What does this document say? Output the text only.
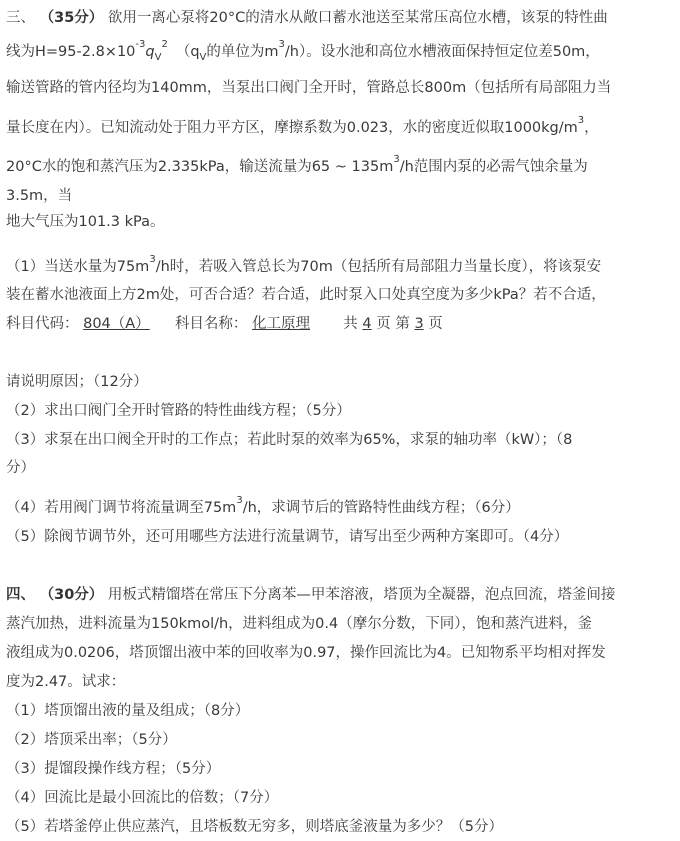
三、 （35分） 欲用一离心泵将20°C的清水从敞口蓄水池送至某常压高位水槽，该泵的特性曲
线为$H=95-2.8\times 10^{-3}q_V^2$ （$q_V$的单位为$m^3/h$）。设水池和高位水槽液面保持恒定位差50m，
输送管路的管内径均为140mm，当泵出口阀门全开时，管路总长800m（包括所有局部阻力当
量长度在内）。已知流动处于阻力平方区，摩擦系数为0.023，水的密度近似取$1000kg/m^3$，
20°C水的饱和蒸汽压为2.335kPa，输送流量为65 ~ $135m^3/h$范围内泵的必需气蚀余量为
3.5m，当
地大气压为101.3 kPa。
（1）当送水量为$75m^3/h$时，若吸入管总长为70m（包括所有局部阻力当量长度），将该泵安
装在蓄水池液面上方2m处，可否合适？若合适，此时泵入口处真空度为多少kPa？若不合适，
科目代码： 804（A） 科目名称： 化工原理 共 4 页 第 3 页
请说明原因；（12分）
（2）求出口阀门全开时管路的特性曲线方程；（5分）
（3）求泵在出口阀全开时的工作点；若此时泵的效率为65%，求泵的轴功率（kW）；（8
分）
（4）若用阀门调节将流量调至$75m^3/h$，求调节后的管路特性曲线方程；（6分）
（5）除阀节调节外，还可用哪些方法进行流量调节，请写出至少两种方案即可。（4分）
四、 （30分） 用板式精馏塔在常压下分离苯—甲苯溶液，塔顶为全凝器，泡点回流，塔釜间接
蒸汽加热，进料流量为150kmol/h，进料组成为0.4（摩尔分数，下同），饱和蒸汽进料，釜
液组成为0.0206，塔顶馏出液中苯的回收率为0.97，操作回流比为4。已知物系平均相对挥发
度为2.47。试求：
（1）塔顶馏出液的量及组成；（8分）
（2）塔顶采出率；（5分）
（3）提馏段操作线方程；（5分）
（4）回流比是最小回流比的倍数；（7分）
（5）若塔釜停止供应蒸汽，且塔板数无穷多，则塔底釜液量为多少？（5分）
